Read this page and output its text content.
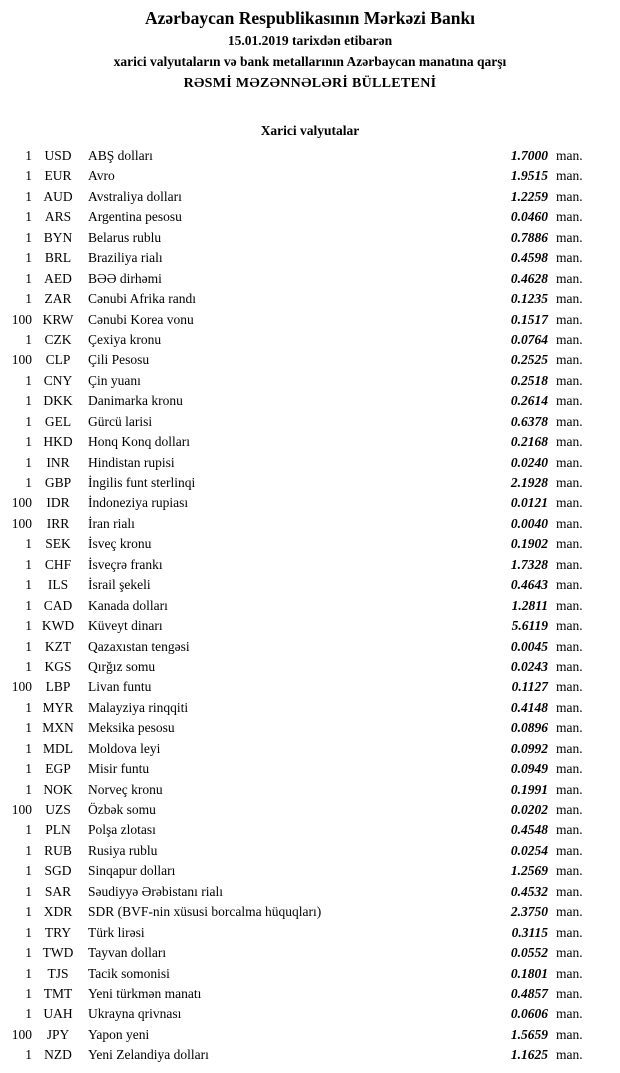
Azərbaycan Respublikasının Mərkəzi Bankı
15.01.2019 tarixdən etibarən
xarici valyutaların və bank metallarının Azərbaycan manatına qarşı
RƏSMİ MƏZƏNNƏLƏRİ BÜLLETENİ
Xarici valyutalar
1 USD	ABŞ dolları	1.7000 man.
1 EUR	Avro	1.9515 man.
1 AUD	Avstraliya dolları	1.2259 man.
1 ARS	Argentina pesosu	0.0460 man.
1 BYN	Belarus rublu	0.7886 man.
1 BRL	Braziliya rialı	0.4598 man.
1 AED	BƏƏ dirhəmi	0.4628 man.
1 ZAR	Cənubi Afrika randı	0.1235 man.
100 KRW	Cənubi Korea vonu	0.1517 man.
1 CZK	Çexiya kronu	0.0764 man.
100	CLP	Çili Pesosu	0.2525 man.
1 CNY	Çin yuanı	0.2518 man.
1 DKK	Danimarka kronu	0.2614 man.
1 GEL	Gürcü larisi	0.6378 man.
1 HKD	Honq Konq dolları	0.2168 man.
1	INR	Hindistan rupisi	0.0240 man.
1 GBP	İngilis funt sterlinqi	2.1928 man.
100	IDR	İndoneziya rupiası	0.0121 man.
100	IRR	İran rialı	0.0040 man.
1 SEK	İsveç kronu	0.1902 man.
1 CHF	İsveçrə frankı	1.7328 man.
1	ILS	İsrail şekeli	0.4643 man.
1 CAD	Kanada dolları	1.2811 man.
1 KWD	Küveyt dinarı	5.6119 man.
1 KZT	Qazaxıstan tengəsi	0.0045 man.
1 KGS	Qırğız somu	0.0243 man.
100	LBP	Livan funtu	0.1127 man.
1 MYR	Malayziya rinqqiti	0.4148 man.
1 MXN	Meksika pesosu	0.0896 man.
1 MDL	Moldova leyi	0.0992 man.
1 EGP	Misir funtu	0.0949 man.
1 NOK	Norveç kronu	0.1991 man.
100 UZS	Özbək somu	0.0202 man.
1 PLN	Polşa zlotası	0.4548 man.
1 RUB	Rusiya rublu	0.0254 man.
1 SGD	Sinqapur dolları	1.2569 man.
1 SAR	Səudiyyə Ərəbistanı rialı	0.4532 man.
1 XDR	SDR (BVF-nin xüsusi borcalma hüquqları)	2.3750 man.
1 TRY	Türk lirəsi	0.3115 man.
1 TWD	Tayvan dolları	0.0552 man.
1	TJS	Tacik somonisi	0.1801 man.
1 TMT	Yeni türkmən manatı	0.4857 man.
1 UAH	Ukrayna qrivnası	0.0606 man.
100	JPY	Yapon yeni	1.5659 man.
1 NZD	Yeni Zelandiya dolları	1.1625 man.
